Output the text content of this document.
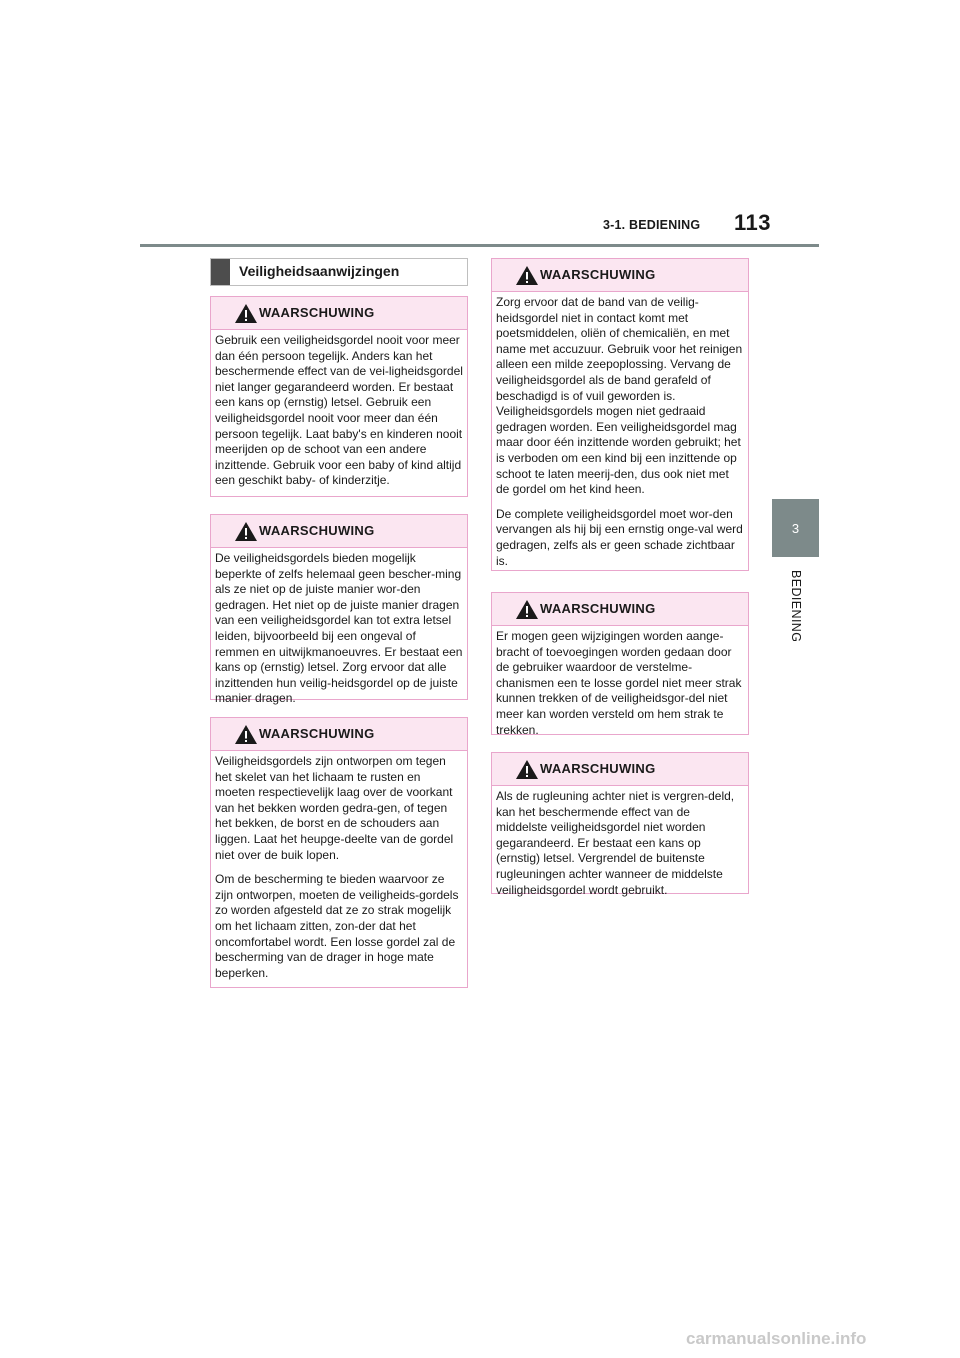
3-1. BEDIENING 113
3
BEDIENING
Veiligheidsaanwijzingen
WAARSCHUWING

Gebruik een veiligheidsgordel nooit voor meer dan één persoon tegelijk. Anders kan het beschermende effect van de vei-ligheidsgordel niet langer gegarandeerd worden. Er bestaat een kans op (ernstig) letsel. Gebruik een veiligheidsgordel nooit voor meer dan één persoon tegelijk. Laat baby's en kinderen nooit meerijden op de schoot van een andere inzittende. Gebruik voor een baby of kind altijd een geschikt baby- of kinderzitje.

WAARSCHUWING

De veiligheidsgordels bieden mogelijk beperkte of zelfs helemaal geen bescher-ming als ze niet op de juiste manier wor-den gedragen. Het niet op de juiste manier dragen van een veiligheidsgordel kan tot extra letsel leiden, bijvoorbeeld bij een ongeval of remmen en uitwijkmanoeuvres. Er bestaat een kans op (ernstig) letsel. Zorg ervoor dat alle inzittenden hun veilig-heidsgordel op de juiste manier dragen.

WAARSCHUWING

Veiligheidsgordels zijn ontworpen om tegen het skelet van het lichaam te rusten en moeten respectievelijk laag over de voorkant van het bekken worden gedra-gen, of tegen het bekken, de borst en de schouders aan liggen. Laat het heupge-deelte van de gordel niet over de buik lopen.

Om de bescherming te bieden waarvoor ze zijn ontworpen, moeten de veiligheids-gordels zo worden afgesteld dat ze zo strak mogelijk om het lichaam zitten, zon-der dat het oncomfortabel wordt. Een losse gordel zal de bescherming van de drager in hoge mate beperken.

WAARSCHUWING

Zorg ervoor dat de band van de veilig-heidsgordel niet in contact komt met poetsmiddelen, oliën of chemicaliën, en met name met accuzuur. Gebruik voor het reinigen alleen een milde zeepoplossing. Vervang de veiligheidsgordel als de band gerafeld of beschadigd is of vuil geworden is. Veiligheidsgordels mogen niet gedraaid gedragen worden. Een veiligheidsgordel mag maar door één inzittende worden gebruikt; het is verboden om een kind bij een inzittende op schoot te laten meerij-den, dus ook niet met de gordel om het kind heen.

De complete veiligheidsgordel moet wor-den vervangen als hij bij een ernstig onge-val werd gedragen, zelfs als er geen schade zichtbaar is.

WAARSCHUWING

Er mogen geen wijzigingen worden aange-bracht of toevoegingen worden gedaan door de gebruiker waardoor de verstelme-chanismen een te losse gordel niet meer strak kunnen trekken of de veiligheidsgor-del niet meer kan worden versteld om hem strak te trekken.

WAARSCHUWING

Als de rugleuning achter niet is vergren-deld, kan het beschermende effect van de middelste veiligheidsgordel niet worden gegarandeerd. Er bestaat een kans op (ernstig) letsel. Vergrendel de buitenste rugleuningen achter wanneer de middelste veiligheidsgordel wordt gebruikt.

carmanualsonline.info
